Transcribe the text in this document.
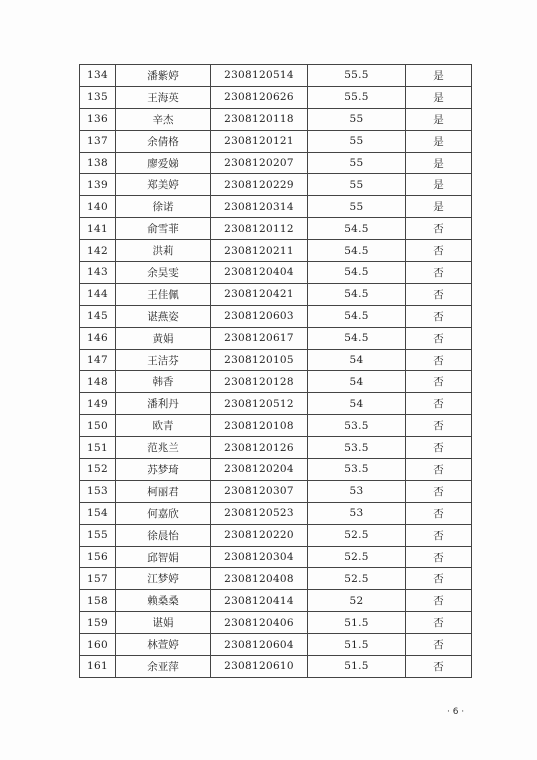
134	潘紫婷	2308120514	55.5	是
135	王海英	2308120626	55.5	是
136	辛杰	2308120118	55	是
137	余倩格	2308120121	55	是
138	廖爱娣	2308120207	55	是
139	郑美婷	2308120229	55	是
140	徐诺	2308120314	55	是
141	俞雪菲	2308120112	54.5	否
142	洪莉	2308120211	54.5	否
143	余昊雯	2308120404	54.5	否
144	王佳佩	2308120421	54.5	否
145	谌燕姿	2308120603	54.5	否
146	黄娟	2308120617	54.5	否
147	王洁芬	2308120105	54	否
148	韩香	2308120128	54	否
149	潘利丹	2308120512	54	否
150	欧青	2308120108	53.5	否
151	范兆兰	2308120126	53.5	否
152	苏梦琦	2308120204	53.5	否
153	柯丽君	2308120307	53	否
154	何嘉欣	2308120523	53	否
155	徐晨怡	2308120220	52.5	否
156	邱智娟	2308120304	52.5	否
157	江梦婷	2308120408	52.5	否
158	赖桑桑	2308120414	52	否
159	谌娟	2308120406	51.5	否
160	林萱婷	2308120604	51.5	否
161	余亚萍	2308120610	51.5	否
· 6 ·
